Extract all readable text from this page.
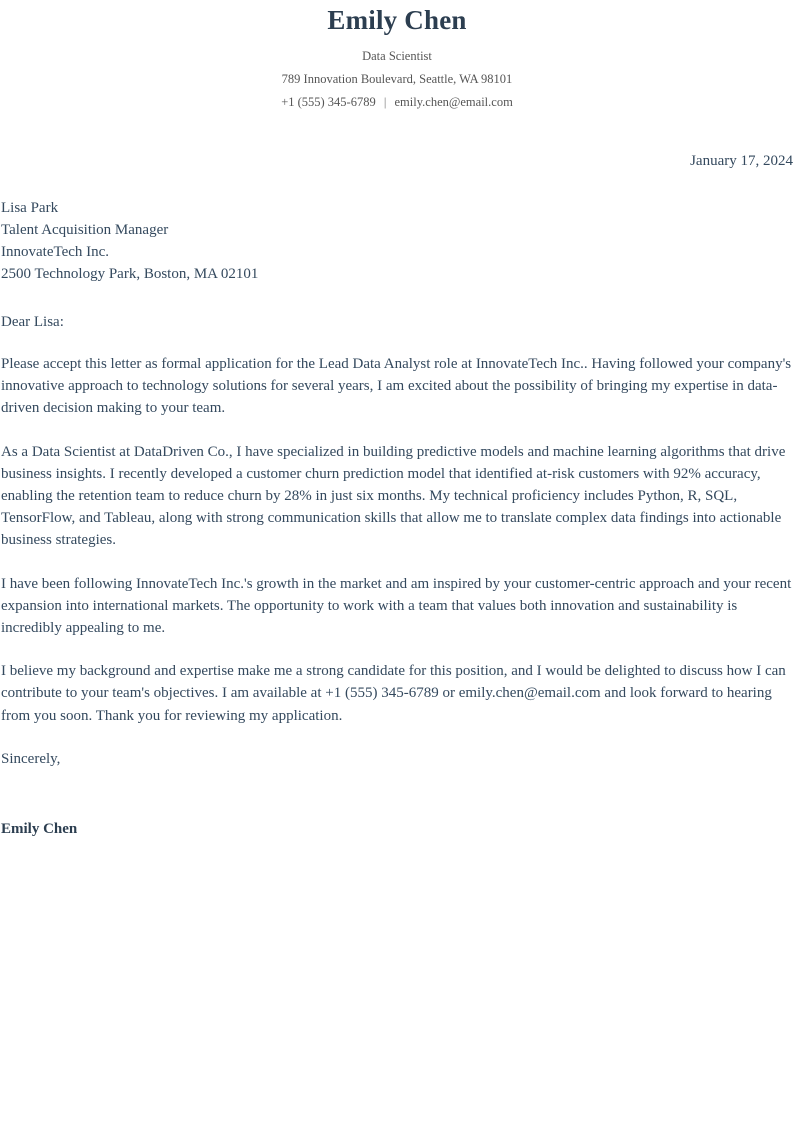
Emily Chen
Data Scientist
789 Innovation Boulevard, Seattle, WA 98101
+1 (555) 345-6789 | emily.chen@email.com
January 17, 2024
Lisa Park
Talent Acquisition Manager
InnovateTech Inc.
2500 Technology Park, Boston, MA 02101
Dear Lisa:

Please accept this letter as formal application for the Lead Data Analyst role at InnovateTech Inc.. Having followed your company's innovative approach to technology solutions for several years, I am excited about the possibility of bringing my expertise in data-driven decision making to your team.

As a Data Scientist at DataDriven Co., I have specialized in building predictive models and machine learning algorithms that drive business insights. I recently developed a customer churn prediction model that identified at-risk customers with 92% accuracy, enabling the retention team to reduce churn by 28% in just six months. My technical proficiency includes Python, R, SQL, TensorFlow, and Tableau, along with strong communication skills that allow me to translate complex data findings into actionable business strategies.

I have been following InnovateTech Inc.'s growth in the market and am inspired by your customer-centric approach and your recent expansion into international markets. The opportunity to work with a team that values both innovation and sustainability is incredibly appealing to me.

I believe my background and expertise make me a strong candidate for this position, and I would be delighted to discuss how I can contribute to your team's objectives. I am available at +1 (555) 345-6789 or emily.chen@email.com and look forward to hearing from you soon. Thank you for reviewing my application.

Sincerely,
Emily Chen
